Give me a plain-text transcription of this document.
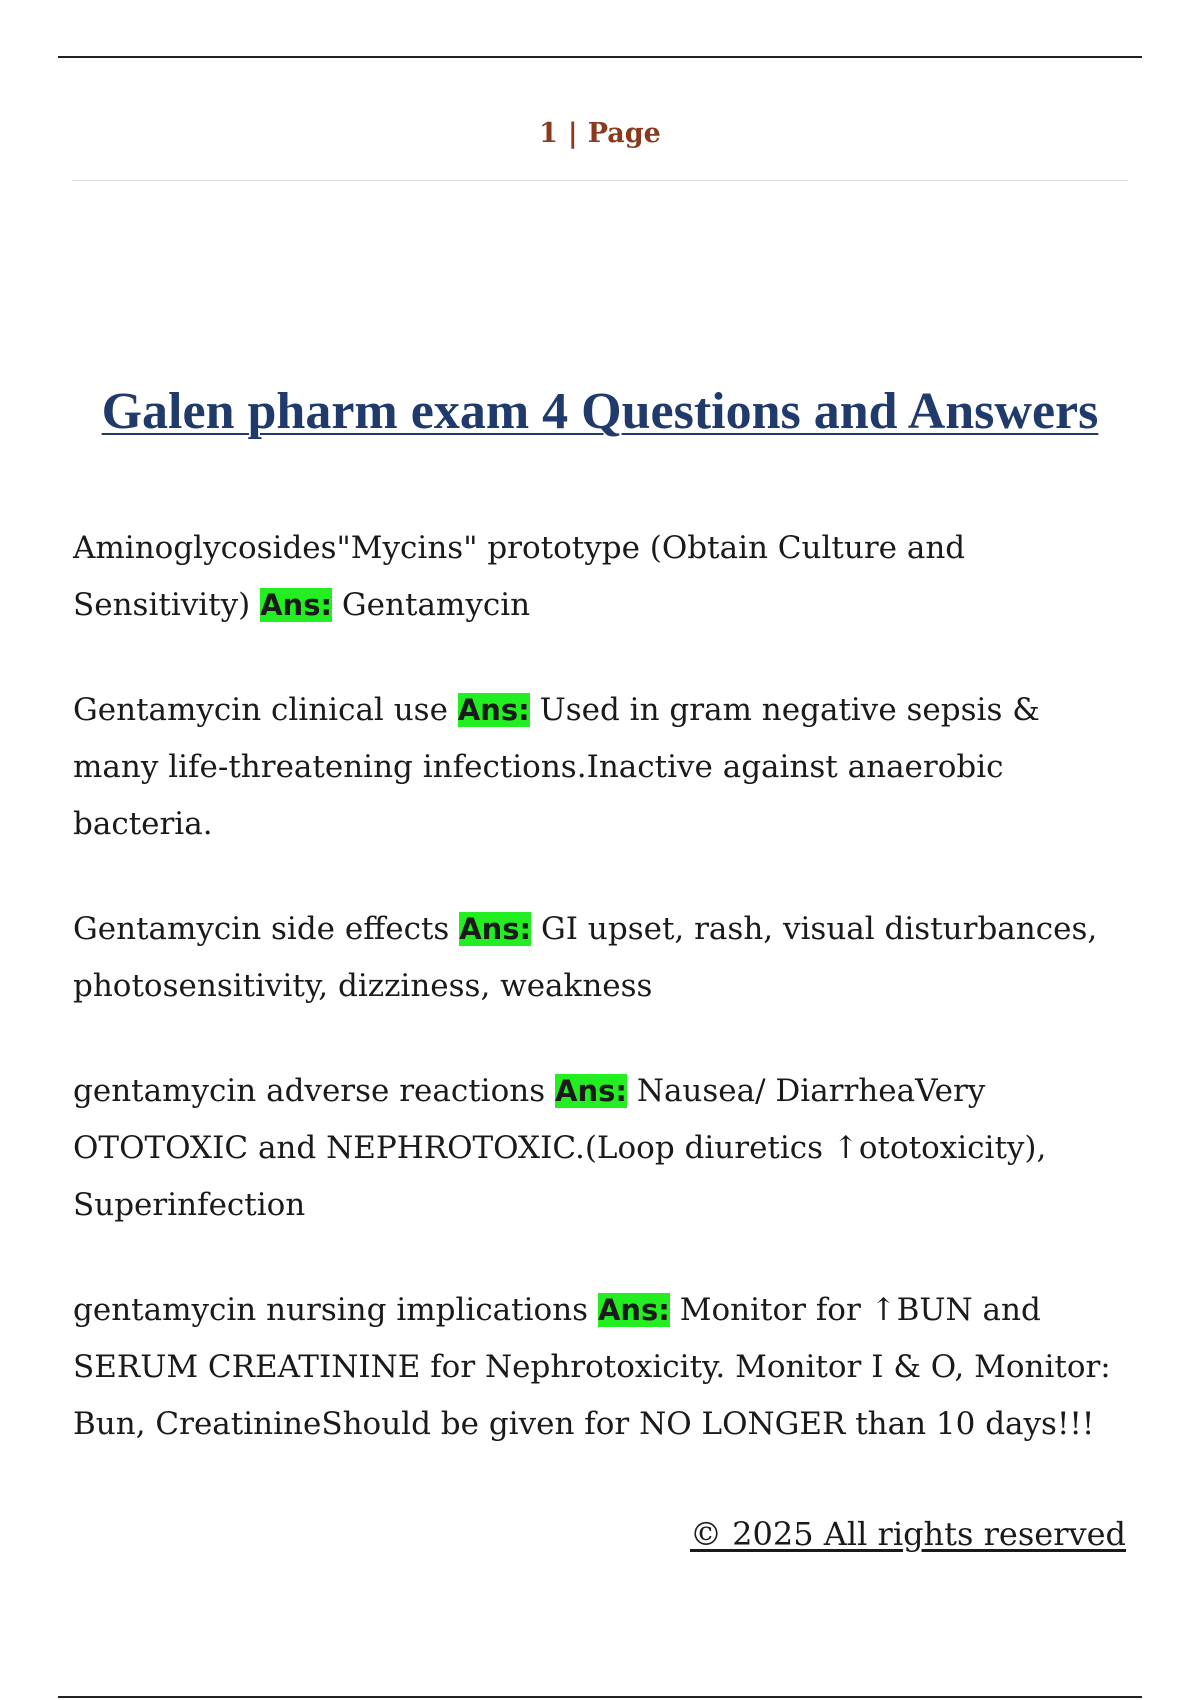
1 | Page
Galen pharm exam 4 Questions and Answers

Aminoglycosides"Mycins" prototype (Obtain Culture and Sensitivity) Ans: Gentamycin

Gentamycin clinical use Ans: Used in gram negative sepsis & many life-threatening infections.Inactive against anaerobic bacteria.

Gentamycin side effects Ans: GI upset, rash, visual disturbances, photosensitivity, dizziness, weakness

gentamycin adverse reactions Ans: Nausea/ DiarrheaVery OTOTOXIC and NEPHROTOXIC.(Loop diuretics ↑ototoxicity), Superinfection

gentamycin nursing implications Ans: Monitor for ↑BUN and SERUM CREATININE for Nephrotoxicity. Monitor I & O, Monitor: Bun, CreatinineShould be given for NO LONGER than 10 days!!!

© 2025 All rights reserved
